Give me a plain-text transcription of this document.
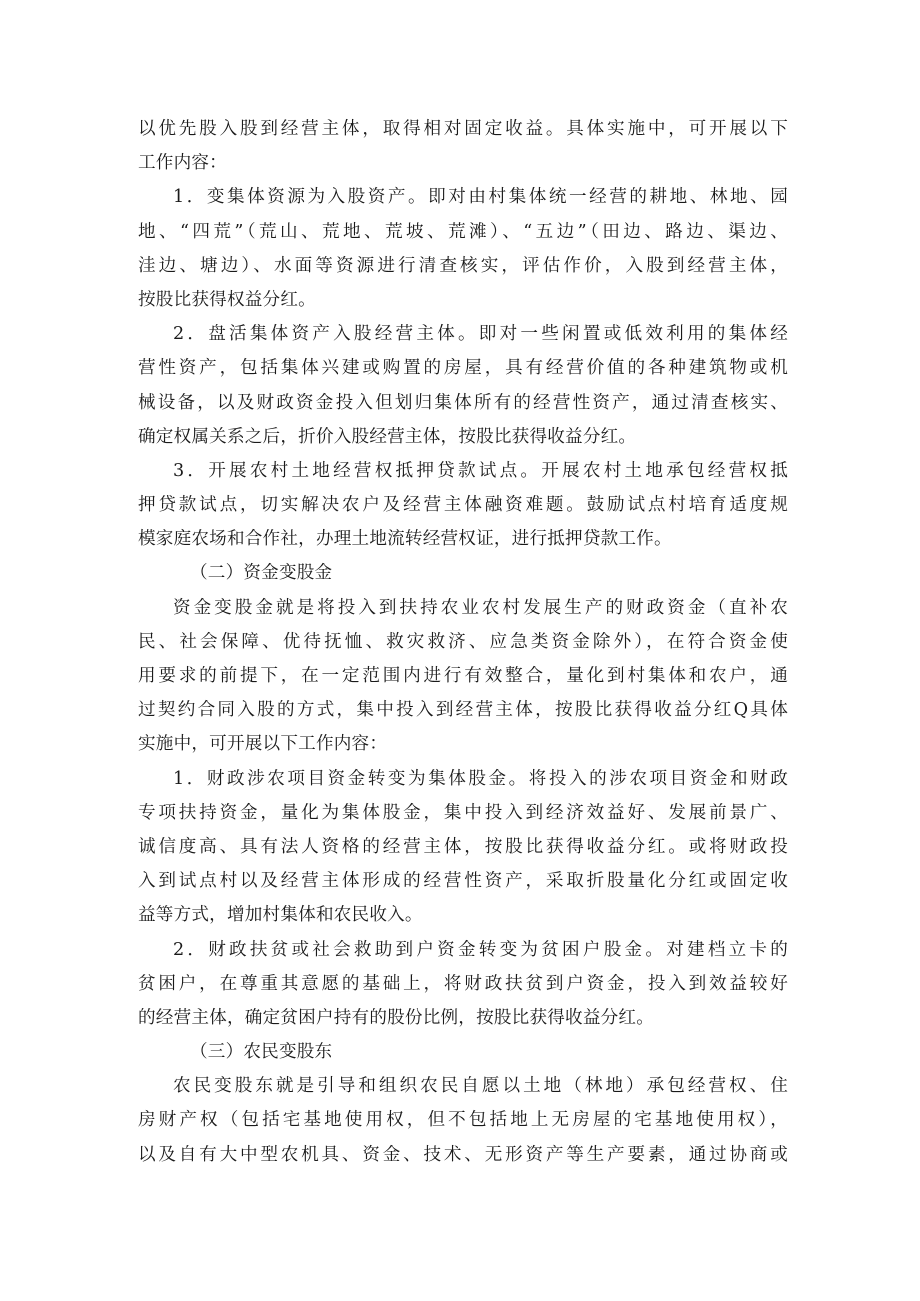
以优先股入股到经营主体，取得相对固定收益。具体实施中，可开展以下
工作内容：
1．变集体资源为入股资产。即对由村集体统一经营的耕地、林地、园
地、“四荒”（荒山、荒地、荒坡、荒滩）、“五边”（田边、路边、渠边、
洼边、塘边）、水面等资源进行清查核实，评估作价，入股到经营主体，
按股比获得权益分红。
2．盘活集体资产入股经营主体。即对一些闲置或低效利用的集体经
营性资产，包括集体兴建或购置的房屋，具有经营价值的各种建筑物或机
械设备，以及财政资金投入但划归集体所有的经营性资产，通过清查核实、
确定权属关系之后，折价入股经营主体，按股比获得收益分红。
3．开展农村土地经营权抵押贷款试点。开展农村土地承包经营权抵
押贷款试点，切实解决农户及经营主体融资难题。鼓励试点村培育适度规
模家庭农场和合作社，办理土地流转经营权证，进行抵押贷款工作。
（二）资金变股金
资金变股金就是将投入到扶持农业农村发展生产的财政资金（直补农
民、社会保障、优待抚恤、救灾救济、应急类资金除外），在符合资金使
用要求的前提下，在一定范围内进行有效整合，量化到村集体和农户，通
过契约合同入股的方式，集中投入到经营主体，按股比获得收益分红Q具体
实施中，可开展以下工作内容：
1．财政涉农项目资金转变为集体股金。将投入的涉农项目资金和财政
专项扶持资金，量化为集体股金，集中投入到经济效益好、发展前景广、
诚信度高、具有法人资格的经营主体，按股比获得收益分红。或将财政投
入到试点村以及经营主体形成的经营性资产，采取折股量化分红或固定收
益等方式，增加村集体和农民收入。
2．财政扶贫或社会救助到户资金转变为贫困户股金。对建档立卡的
贫困户，在尊重其意愿的基础上，将财政扶贫到户资金，投入到效益较好
的经营主体，确定贫困户持有的股份比例，按股比获得收益分红。
（三）农民变股东
农民变股东就是引导和组织农民自愿以土地（林地）承包经营权、住
房财产权（包括宅基地使用权，但不包括地上无房屋的宅基地使用权），
以及自有大中型农机具、资金、技术、无形资产等生产要素，通过协商或
